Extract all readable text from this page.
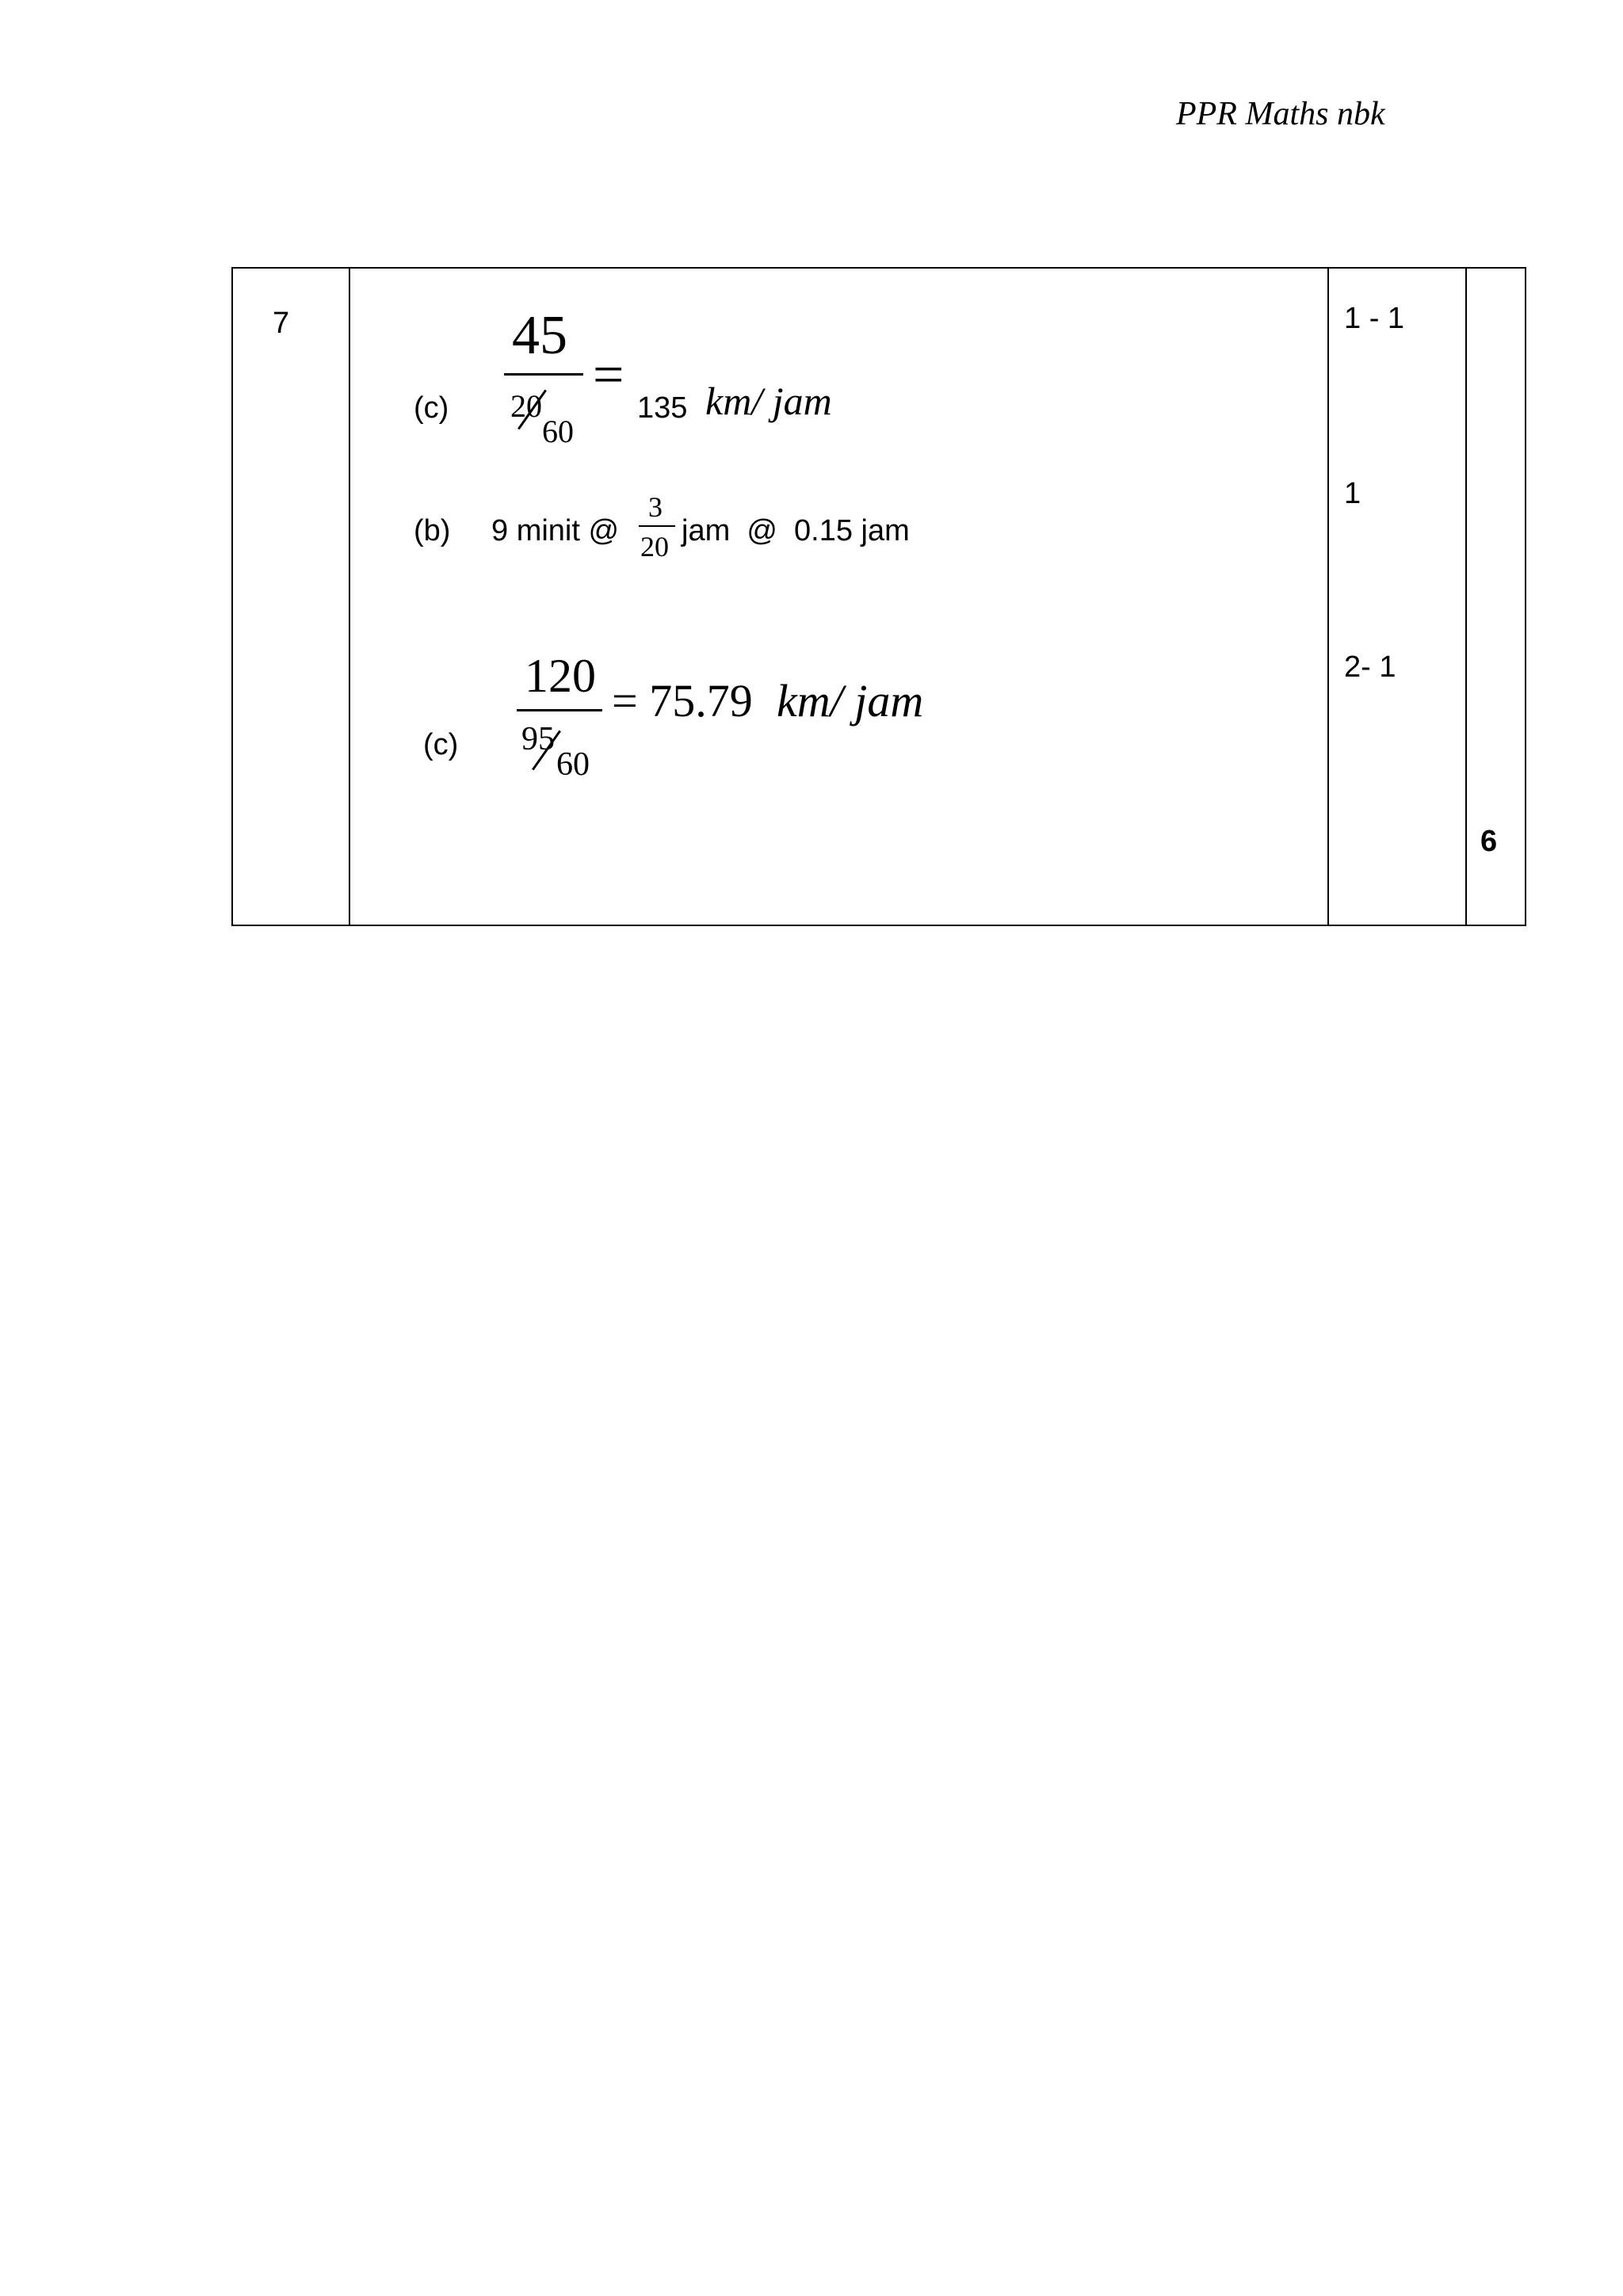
PPR Maths nbk
7
(c)
45
20
60
=
135 km/ jam
(b) 9 minit @
3
20 jam  @  0.15 jam
(c)
120
95
60
= 75.79 km/ jam
1 - 1
1
2- 1
6
